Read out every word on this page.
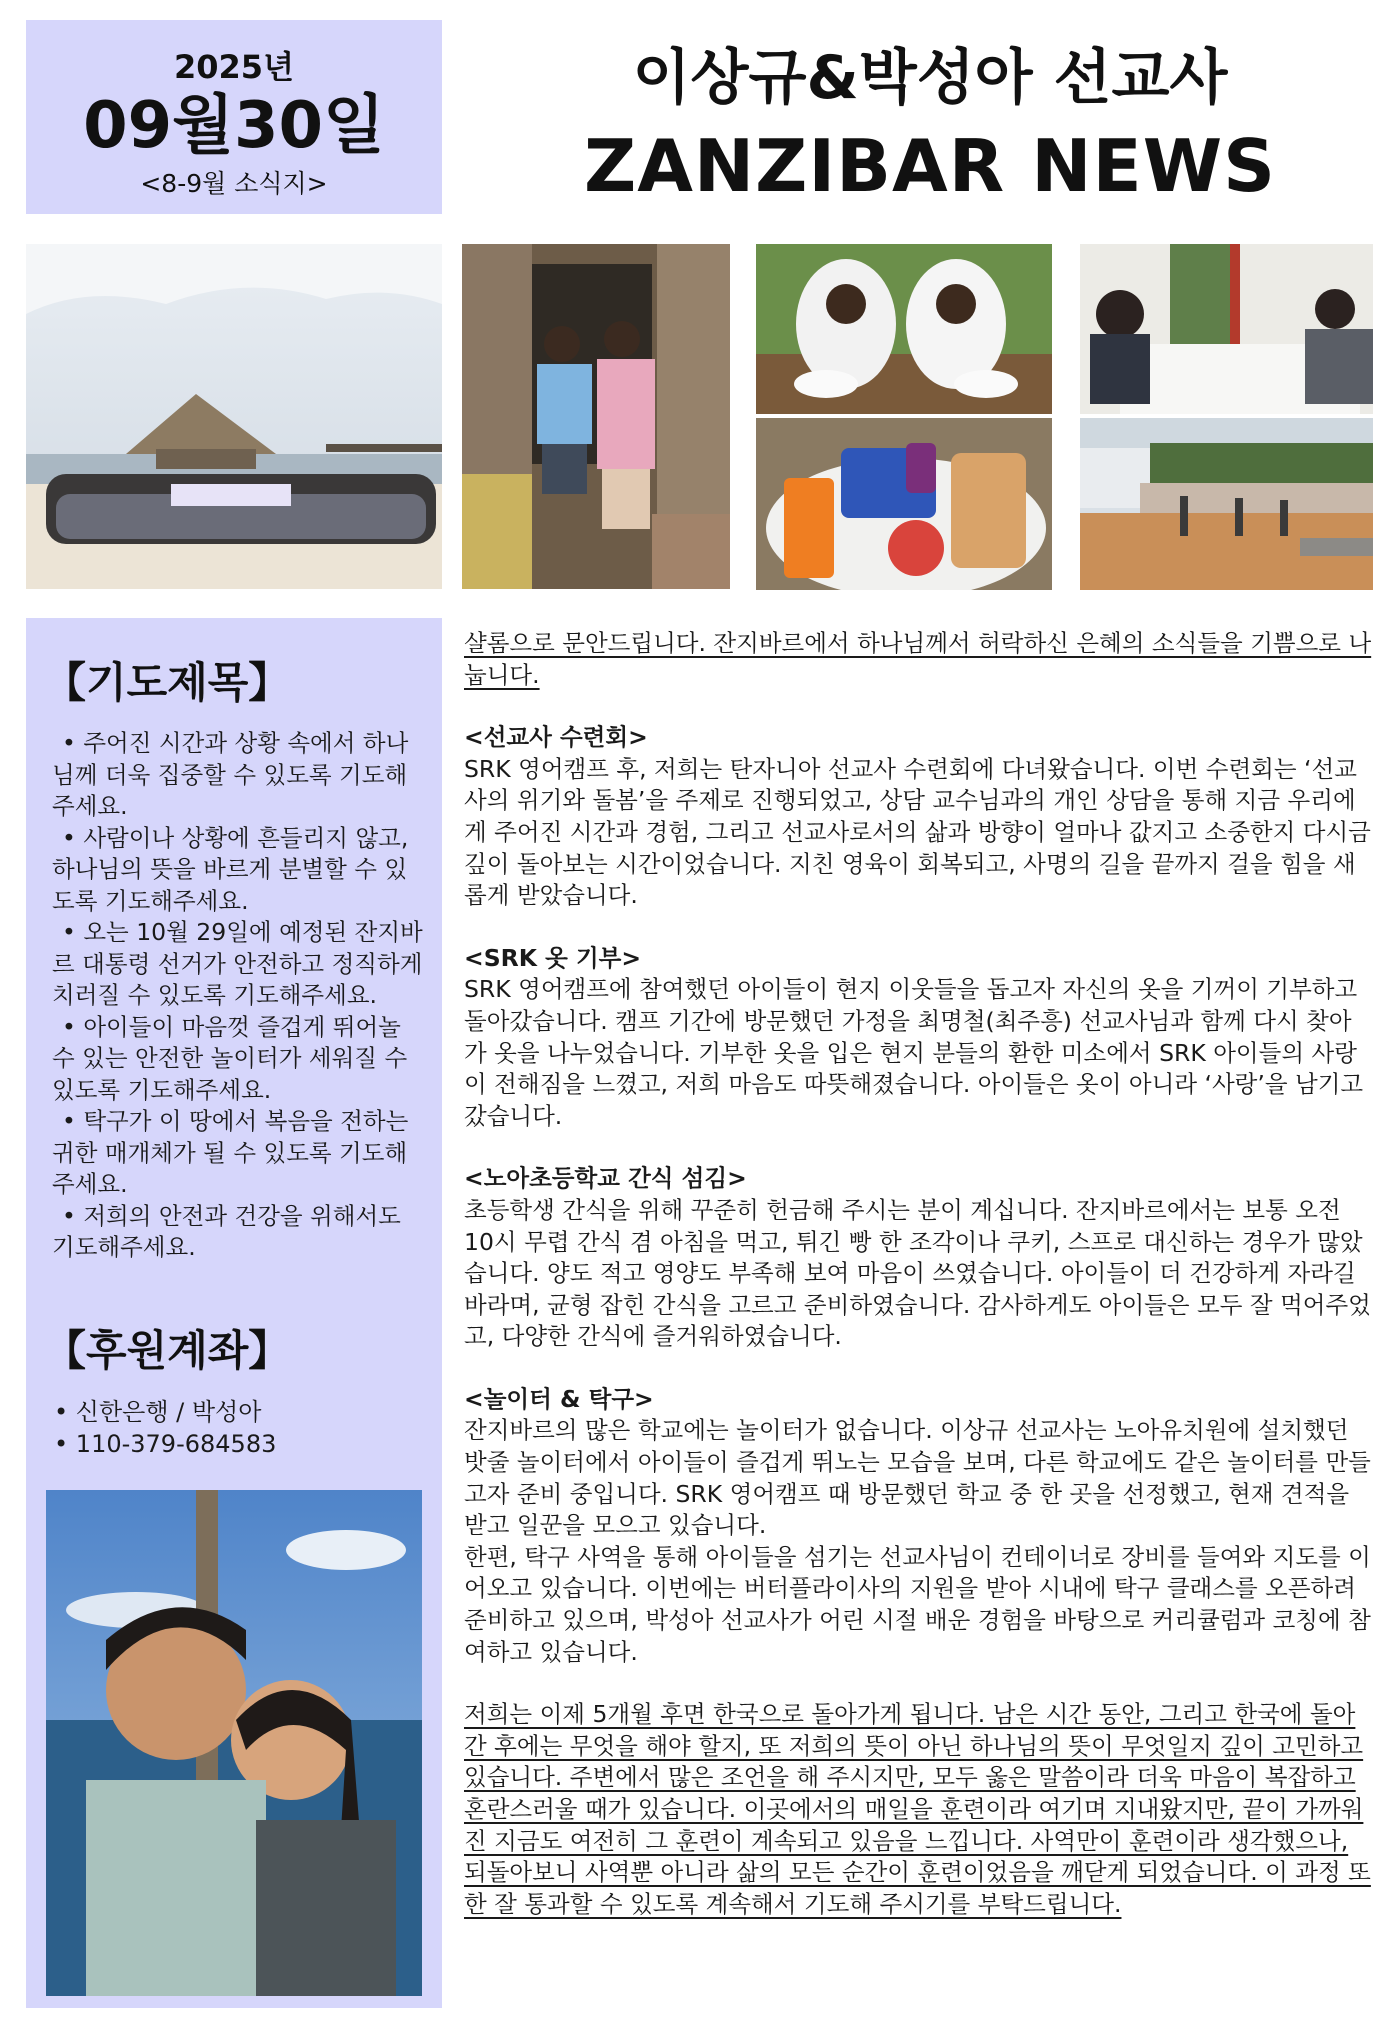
2025년
09월30일
<8-9월 소식지>
이상규&박성아 선교사
ZANZIBAR NEWS
【기도제목】
• 주어진 시간과 상황 속에서 하나님께 더욱 집중할 수 있도록 기도해주세요.
• 사람이나 상황에 흔들리지 않고, 하나님의 뜻을 바르게 분별할 수 있도록 기도해주세요.
• 오는 10월 29일에 예정된 잔지바르 대통령 선거가 안전하고 정직하게 치러질 수 있도록 기도해주세요.
• 아이들이 마음껏 즐겁게 뛰어놀 수 있는 안전한 놀이터가 세워질 수 있도록 기도해주세요.
• 탁구가 이 땅에서 복음을 전하는 귀한 매개체가 될 수 있도록 기도해주세요.
• 저희의 안전과 건강을 위해서도 기도해주세요.
【후원계좌】
• 신한은행 / 박성아
• 110-379-684583
샬롬으로 문안드립니다. 잔지바르에서 하나님께서 허락하신 은혜의 소식들을 기쁨으로 나눕니다.
<선교사 수련회>
SRK 영어캠프 후, 저희는 탄자니아 선교사 수련회에 다녀왔습니다. 이번 수련회는 ‘선교사의 위기와 돌봄’을 주제로 진행되었고, 상담 교수님과의 개인 상담을 통해 지금 우리에게 주어진 시간과 경험, 그리고 선교사로서의 삶과 방향이 얼마나 값지고 소중한지 다시금 깊이 돌아보는 시간이었습니다. 지친 영육이 회복되고, 사명의 길을 끝까지 걸을 힘을 새롭게 받았습니다.
<SRK 옷 기부>
SRK 영어캠프에 참여했던 아이들이 현지 이웃들을 돕고자 자신의 옷을 기꺼이 기부하고 돌아갔습니다. 캠프 기간에 방문했던 가정을 최명철(최주흥) 선교사님과 함께 다시 찾아가 옷을 나누었습니다. 기부한 옷을 입은 현지 분들의 환한 미소에서 SRK 아이들의 사랑이 전해짐을 느꼈고, 저희 마음도 따뜻해졌습니다. 아이들은 옷이 아니라 ‘사랑’을 남기고 갔습니다.
<노아초등학교 간식 섬김>
초등학생 간식을 위해 꾸준히 헌금해 주시는 분이 계십니다. 잔지바르에서는 보통 오전 10시 무렵 간식 겸 아침을 먹고, 튀긴 빵 한 조각이나 쿠키, 스프로 대신하는 경우가 많았습니다. 양도 적고 영양도 부족해 보여 마음이 쓰였습니다. 아이들이 더 건강하게 자라길 바라며, 균형 잡힌 간식을 고르고 준비하였습니다. 감사하게도 아이들은 모두 잘 먹어주었고, 다양한 간식에 즐거워하였습니다.
<놀이터 & 탁구>
잔지바르의 많은 학교에는 놀이터가 없습니다. 이상규 선교사는 노아유치원에 설치했던 밧줄 놀이터에서 아이들이 즐겁게 뛰노는 모습을 보며, 다른 학교에도 같은 놀이터를 만들고자 준비 중입니다. SRK 영어캠프 때 방문했던 학교 중 한 곳을 선정했고, 현재 견적을 받고 일꾼을 모으고 있습니다.
한편, 탁구 사역을 통해 아이들을 섬기는 선교사님이 컨테이너로 장비를 들여와 지도를 이어오고 있습니다. 이번에는 버터플라이사의 지원을 받아 시내에 탁구 클래스를 오픈하려 준비하고 있으며, 박성아 선교사가 어린 시절 배운 경험을 바탕으로 커리큘럼과 코칭에 참여하고 있습니다.
저희는 이제 5개월 후면 한국으로 돌아가게 됩니다. 남은 시간 동안, 그리고 한국에 돌아간 후에는 무엇을 해야 할지, 또 저희의 뜻이 아닌 하나님의 뜻이 무엇일지 깊이 고민하고 있습니다. 주변에서 많은 조언을 해 주시지만, 모두 옳은 말씀이라 더욱 마음이 복잡하고 혼란스러울 때가 있습니다. 이곳에서의 매일을 훈련이라 여기며 지내왔지만, 끝이 가까워진 지금도 여전히 그 훈련이 계속되고 있음을 느낍니다. 사역만이 훈련이라 생각했으나, 되돌아보니 사역뿐 아니라 삶의 모든 순간이 훈련이었음을 깨닫게 되었습니다. 이 과정 또한 잘 통과할 수 있도록 계속해서 기도해 주시기를 부탁드립니다.
